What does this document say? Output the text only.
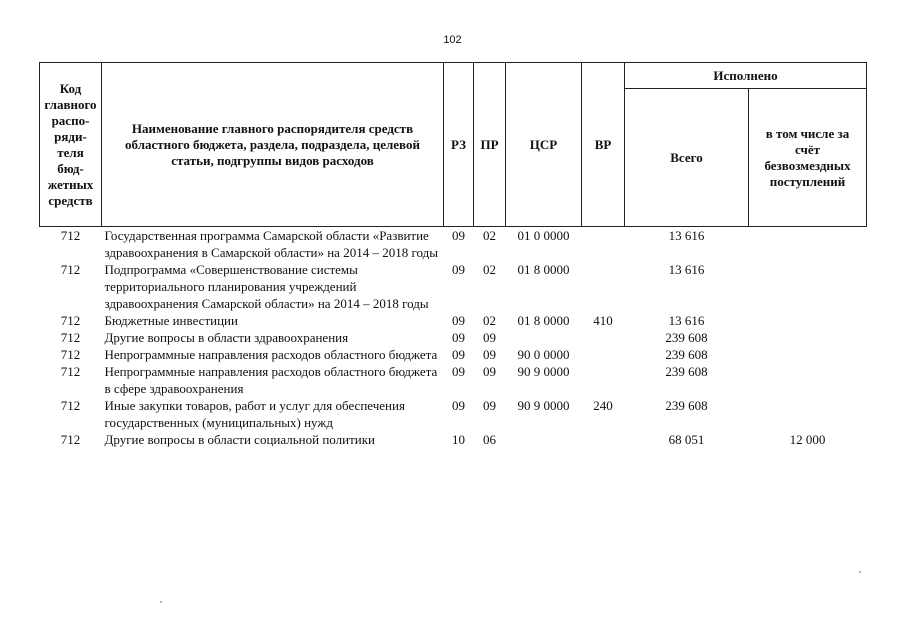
102
Код главного распо-ряди-теля бюд-жетных средств	Наименование главного распорядителя средств областного бюджета, раздела, подраздела, целевой статьи, подгруппы видов расходов	РЗ	ПР	ЦСР	ВР	Исполнено	
						Всего	в том числе за счёт безвозмездных поступлений
712	Государственная программа Самарской области «Развитие здравоохранения в Самарской области» на 2014 – 2018 годы	09	02	01 0 0000		13 616	
712	Подпрограмма «Совершенствование системы территориального планирования учреждений здравоохранения Самарской области» на 2014 – 2018 годы	09	02	01 8 0000		13 616	
712	Бюджетные инвестиции	09	02	01 8 0000	410	13 616	
712	Другие вопросы в области здравоохранения	09	09			239 608	
712	Непрограммные направления расходов областного бюджета	09	09	90 0 0000		239 608	
712	Непрограммные направления расходов областного бюджета в сфере здравоохранения	09	09	90 9 0000		239 608	
712	Иные закупки товаров, работ и услуг для обеспечения государственных (муниципальных) нужд	09	09	90 9 0000	240	239 608	
712	Другие вопросы в области социальной политики	10	06			68 051	12 000
